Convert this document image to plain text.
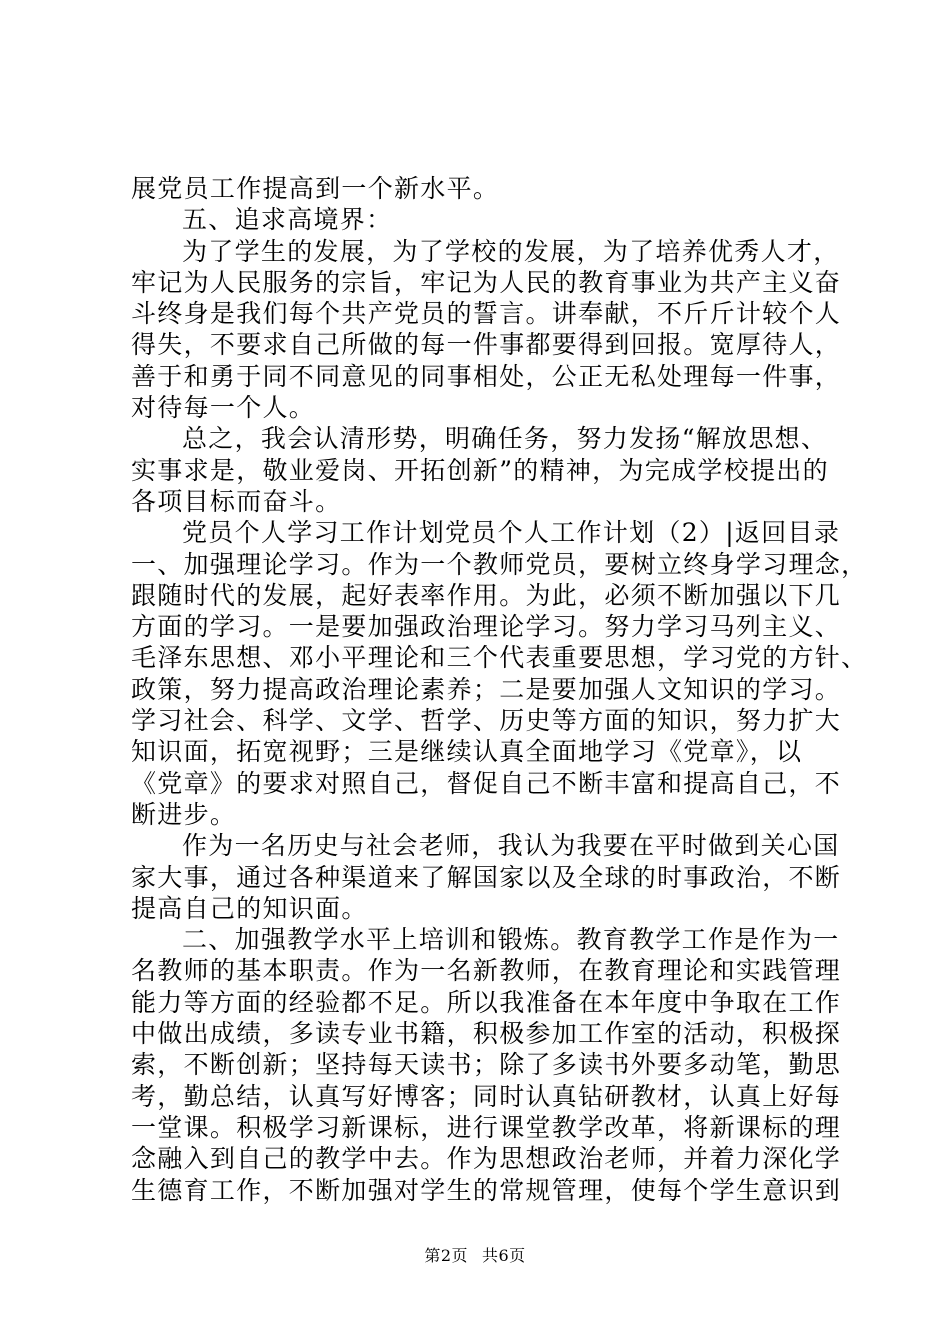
展党员工作提高到一个新水平。
五、追求高境界：
为了学生的发展，为了学校的发展，为了培养优秀人才，
牢记为人民服务的宗旨，牢记为人民的教育事业为共产主义奋
斗终身是我们每个共产党员的誓言。讲奉献，不斤斤计较个人
得失，不要求自己所做的每一件事都要得到回报。宽厚待人，
善于和勇于同不同意见的同事相处，公正无私处理每一件事，
对待每一个人。
总之，我会认清形势，明确任务，努力发扬“解放思想、
实事求是，敬业爱岗、开拓创新”的精神，为完成学校提出的
各项目标而奋斗。
党员个人学习工作计划党员个人工作计划（2）|返回目录
一、加强理论学习。作为一个教师党员，要树立终身学习理念，
跟随时代的发展，起好表率作用。为此，必须不断加强以下几
方面的学习。一是要加强政治理论学习。努力学习马列主义、
毛泽东思想、邓小平理论和三个代表重要思想，学习党的方针、
政策，努力提高政治理论素养；二是要加强人文知识的学习。
学习社会、科学、文学、哲学、历史等方面的知识，努力扩大
知识面，拓宽视野；三是继续认真全面地学习《党章》，以
《党章》的要求对照自己，督促自己不断丰富和提高自己，不
断进步。
作为一名历史与社会老师，我认为我要在平时做到关心国
家大事，通过各种渠道来了解国家以及全球的时事政治，不断
提高自己的知识面。
二、加强教学水平上培训和锻炼。教育教学工作是作为一
名教师的基本职责。作为一名新教师，在教育理论和实践管理
能力等方面的经验都不足。所以我准备在本年度中争取在工作
中做出成绩，多读专业书籍，积极参加工作室的活动，积极探
索，不断创新；坚持每天读书；除了多读书外要多动笔，勤思
考，勤总结，认真写好博客；同时认真钻研教材，认真上好每
一堂课。积极学习新课标，进行课堂教学改革，将新课标的理
念融入到自己的教学中去。作为思想政治老师，并着力深化学
生德育工作，不断加强对学生的常规管理，使每个学生意识到
第2页 共6页
